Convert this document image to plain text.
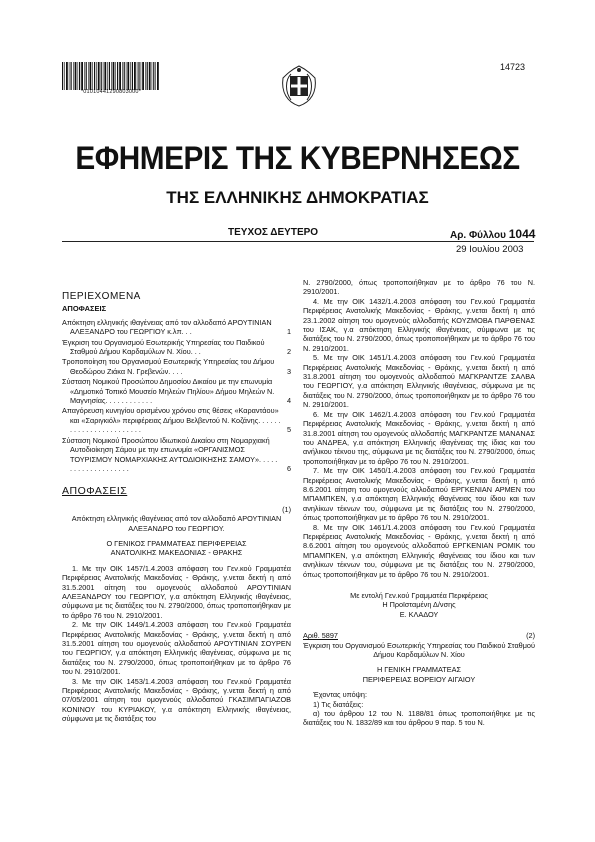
*01010441290803000*
14723
ΕΦΗΜΕΡΙΣ ΤΗΣ ΚΥΒΕΡΝΗΣΕΩΣ
ΤΗΣ ΕΛΛΗΝΙΚΗΣ ΔΗΜΟΚΡΑΤΙΑΣ
ΤΕΥΧΟΣ ΔΕΥΤΕΡΟ	Αρ. Φύλλου 1044
29 Ιουλίου 2003

ΠΕΡΙΕΧΟΜΕΝΑ

ΑΠΟΦΑΣΕΙΣ

Απόκτηση ελληνικής ιθαγένειας από τον αλλοδαπό ΑΡΟΥΤΙΝΙΑΝ ΑΛΕΞΑΝΔΡΟ του ΓΕΩΡΓΙΟΥ κ.λπ. . .	1

Έγκριση του Οργανισμού Εσωτερικής Υπηρεσίας του Παιδικού Σταθμού Δήμου Καρδαμύλων Ν. Χίου. . .	2

Τροποποίηση του Οργανισμού Εσωτερικής Υπηρεσίας του Δήμου Θεοδώρου Ζιάκα Ν. Γρεβενών. . . .	3

Σύσταση Νομικού Προσώπου Δημοσίου Δικαίου με την επωνυμία «Δημοτικό Τοπικό Μουσείο Μηλεών Πηλίου» Δήμου Μηλεών Ν. Μαγνησίας. . . . . . . . . . . .	4

Απαγόρευση κυνηγίου ορισμένου χρόνου στις θέσεις «Καραντάου» και «Σαριγκιόλ» περιφέρειας Δήμου Βελβεντού Ν. Κοζάνης. . . . . . . . . . . . . . . . . . . . . . . .	5

Σύσταση Νομικού Προσώπου Ιδιωτικού Δικαίου στη Νομαρχιακή Αυτοδιοίκηση Σάμου με την επωνυμία «ΟΡΓΑΝΙΣΜΟΣ ΤΟΥΡΙΣΜΟΥ ΝΟΜΑΡΧΙΑΚΗΣ ΑΥΤΟΔΙΟΙΚΗΣΗΣ ΣΑΜΟΥ». . . . . . . . . . . . . . . . . . . .	6

ΑΠΟΦΑΣΕΙΣ

(1)

Απόκτηση ελληνικής ιθαγένειας από τον αλλοδαπό ΑΡΟΥΤΙΝΙΑΝ ΑΛΕΞΑΝΔΡΟ του ΓΕΩΡΓΙΟΥ.

Ο ΓΕΝΙΚΟΣ ΓΡΑΜΜΑΤΕΑΣ ΠΕΡΙΦΕΡΕΙΑΣ

ΑΝΑΤΟΛΙΚΗΣ ΜΑΚΕΔΟΝΙΑΣ - ΘΡΑΚΗΣ

1. Με την ΟΙΚ 1457/1.4.2003 απόφαση του Γεν.κού Γραμματέα Περιφέρειας Ανατολικής Μακεδονίας - Θράκης, γ.νεται δεκτή η από 31.5.2001 αίτηση του ομογενούς αλλοδαπού ΑΡΟΥΤΙΝΙΑΝ ΑΛΕΞΑΝΔΡΟΥ του ΓΕΩΡΓΙΟΥ, γ.α απόκτηση Ελληνικής ιθαγένειας, σύμφωνα με τις διατάξεις του Ν. 2790/2000, όπως τροποποιήθηκαν με το άρθρο 76 του Ν. 2910/2001.

2. Με την ΟΙΚ 1449/1.4.2003 απόφαση του Γεν.κού Γραμματέα Περιφέρειας Ανατολικής Μακεδονίας - Θράκης, γ.νεται δεκτή η από 31.5.2001 αίτηση του ομογενούς αλλοδαπού ΑΡΟΥΤΙΝΙΑΝ ΣΟΥΡΕΝ του ΓΕΩΡΓΙΟΥ, γ.α απόκτηση Ελληνικής ιθαγένειας, σύμφωνα με τις διατάξεις του Ν. 2790/2000, όπως τροποποιήθηκαν με το άρθρο 76 του Ν. 2910/2001.

3. Με την ΟΙΚ 1453/1.4.2003 απόφαση του Γεν.κού Γραμματέα Περιφέρειας Ανατολικής Μακεδονίας - Θράκης, γ.νεται δεκτή η από 07/05/2001 αίτηση του ομογενούς αλλοδαπού ΓΚΑΣΙΜΠΑΓΙΑΖΟΒ ΚΟΝΙΝΟΥ του ΚΥΡΙΑΚΟΥ, γ.α απόκτηση Ελληνικής ιθαγένειας, σύμφωνα με τις διατάξεις του

Ν. 2790/2000, όπως τροποποιήθηκαν με το άρθρο 76 του Ν. 2910/2001.

4. Με την ΟΙΚ 1432/1.4.2003 απόφαση του Γεν.κού Γραμματέα Περιφέρειας Ανατολικής Μακεδονίας - Θράκης, γ.νεται δεκτή η από 23.1.2002 αίτηση του ομογενούς αλλοδαπής ΚΟΥΖΜΟΒΑ ΠΑΡΘΕΝΑΣ του ΙΣΑΚ, γ.α απόκτηση Ελληνικής ιθαγένειας, σύμφωνα με τις διατάξεις του Ν. 2790/2000, όπως τροποποιήθηκαν με το άρθρο 76 του Ν. 2910/2001.

5. Με την ΟΙΚ 1451/1.4.2003 απόφαση του Γεν.κού Γραμματέα Περιφέρειας Ανατολικής Μακεδονίας - Θράκης, γ.νεται δεκτή η από 31.8.2001 αίτηση του ομογενούς αλλοδαπού ΜΑΓΚΡΑΝΤΖΕ ΣΑΛΒΑ του ΓΕΩΡΓΙΟΥ, γ.α απόκτηση Ελληνικής ιθαγένειας, σύμφωνα με τις διατάξεις του Ν. 2790/2000, όπως τροποποιήθηκαν με το άρθρο 76 του Ν. 2910/2001.

6. Με την ΟΙΚ 1462/1.4.2003 απόφαση του Γεν.κού Γραμματέα Περιφέρειας Ανατολικής Μακεδονίας - Θράκης, γ.νεται δεκτή η από 31.8.2001 αίτηση του ομογενούς αλλοδαπής ΜΑΓΚΡΑΝΤΖΕ ΜΑΝΑΝΑΣ του ΑΝΔΡΕΑ, γ.α απόκτηση Ελληνικής ιθαγένειας της ίδιας και του ανήλικου τέκνου της, σύμφωνα με τις διατάξεις του Ν. 2790/2000, όπως τροποποιήθηκαν με το άρθρο 76 του Ν. 2910/2001.

7. Με την ΟΙΚ 1450/1.4.2003 απόφαση του Γεν.κού Γραμματέα Περιφέρειας Ανατολικής Μακεδονίας - Θράκης, γ.νεται δεκτή η από 8.6.2001 αίτηση του ομογενούς αλλοδαπού ΕΡΓΚΕΝΙΑΝ ΑΡΜΕΝ του ΜΠΑΜΠΚΕΝ, γ.α απόκτηση Ελληνικής ιθαγένειας του ίδιου και των ανηλίκων τέκνων του, σύμφωνα με τις διατάξεις του Ν. 2790/2000, όπως τροποποιήθηκαν με το άρθρο 76 του Ν. 2910/2001.

8. Με την ΟΙΚ 1461/1.4.2003 απόφαση του Γεν.κού Γραμματέα Περιφέρειας Ανατολικής Μακεδονίας - Θράκης, γ.νεται δεκτή η από 8.6.2001 αίτηση του ομογενούς αλλοδαπού ΕΡΓΚΕΝΙΑΝ ΡΟΜΙΚ του ΜΠΑΜΠΚΕΝ, γ.α απόκτηση Ελληνικής ιθαγένειας του ίδιου και των ανηλίκων τέκνων του, σύμφωνα με τις διατάξεις του Ν. 2790/2000, όπως τροποποιήθηκαν με το άρθρο 76 του Ν. 2910/2001.

Με εντολή Γεν.κού Γραμματέα Περιφέρειας

Η Προϊσταμένη Δ/νσης

Ε. ΚΛΑΔΟΥ

Αριθ. 5897	(2)

Έγκριση του Οργανισμού Εσωτερικής Υπηρεσίας του Παιδικού Σταθμού Δήμου Καρδαμύλων Ν. Χίου

Η ΓΕΝΙΚΗ ΓΡΑΜΜΑΤΕΑΣ

ΠΕΡΙΦΕΡΕΙΑΣ ΒΟΡΕΙΟΥ ΑΙΓΑΙΟΥ

Έχοντας υπόψη:

1) Τις διατάξεις:

α) του άρθρου 12 του Ν. 1188/81 όπως τροποποιήθηκε με τις διατάξεις του Ν. 1832/89 και του άρθρου 9 παρ. 5 του Ν.
